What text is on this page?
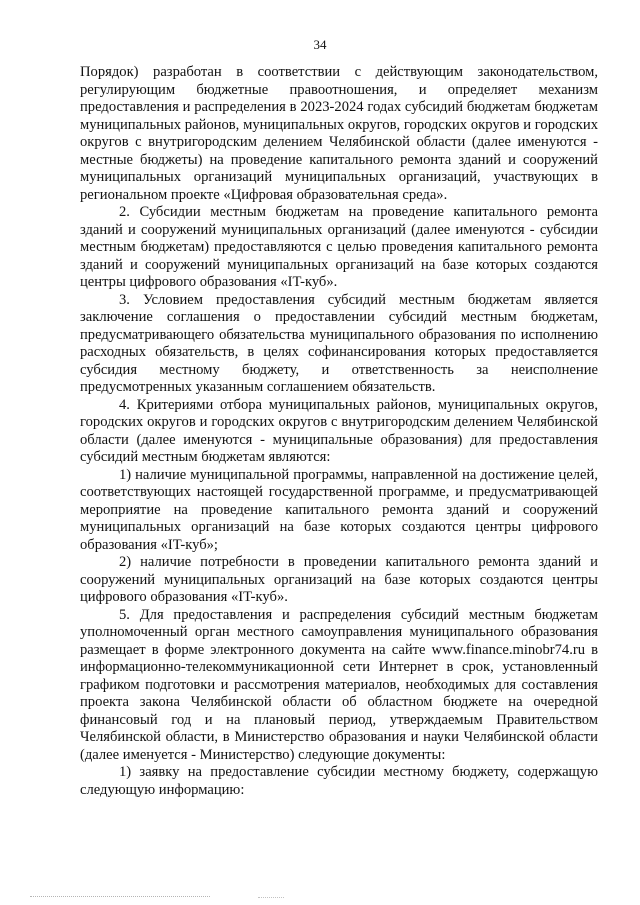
34

Порядок) разработан в соответствии с действующим законодательством, регулирующим бюджетные правоотношения, и определяет механизм предоставления и распределения в 2023-2024 годах субсидий бюджетам бюджетам муниципальных районов, муниципальных округов, городских округов и городских округов с внутригородским делением Челябинской области (далее именуются - местные бюджеты) на проведение капитального ремонта зданий и сооружений муниципальных организаций муниципальных организаций, участвующих в региональном проекте «Цифровая образовательная среда».

2. Субсидии местным бюджетам на проведение капитального ремонта зданий и сооружений муниципальных организаций (далее именуются - субсидии местным бюджетам) предоставляются с целью проведения капитального ремонта зданий и сооружений муниципальных организаций на базе которых создаются центры цифрового образования «IT-куб».

3. Условием предоставления субсидий местным бюджетам является заключение соглашения о предоставлении субсидий местным бюджетам, предусматривающего обязательства муниципального образования по исполнению расходных обязательств, в целях софинансирования которых предоставляется субсидия местному бюджету, и ответственность за неисполнение предусмотренных указанным соглашением обязательств.

4. Критериями отбора муниципальных районов, муниципальных округов, городских округов и городских округов с внутригородским делением Челябинской области (далее именуются - муниципальные образования) для предоставления субсидий местным бюджетам являются:

1) наличие муниципальной программы, направленной на достижение целей, соответствующих настоящей государственной программе, и предусматривающей мероприятие на проведение капитального ремонта зданий и сооружений муниципальных организаций на базе которых создаются центры цифрового образования «IT-куб»;

2) наличие потребности в проведении капитального ремонта зданий и сооружений муниципальных организаций на базе которых создаются центры цифрового образования «IT-куб».

5. Для предоставления и распределения субсидий местным бюджетам уполномоченный орган местного самоуправления муниципального образования размещает в форме электронного документа на сайте www.finance.minobr74.ru в информационно-телекоммуникационной сети Интернет в срок, установленный графиком подготовки и рассмотрения материалов, необходимых для составления проекта закона Челябинской области об областном бюджете на очередной финансовый год и на плановый период, утверждаемым Правительством Челябинской области, в Министерство образования и науки Челябинской области (далее именуется - Министерство) следующие документы:

1) заявку на предоставление субсидии местному бюджету, содержащую следующую информацию:
